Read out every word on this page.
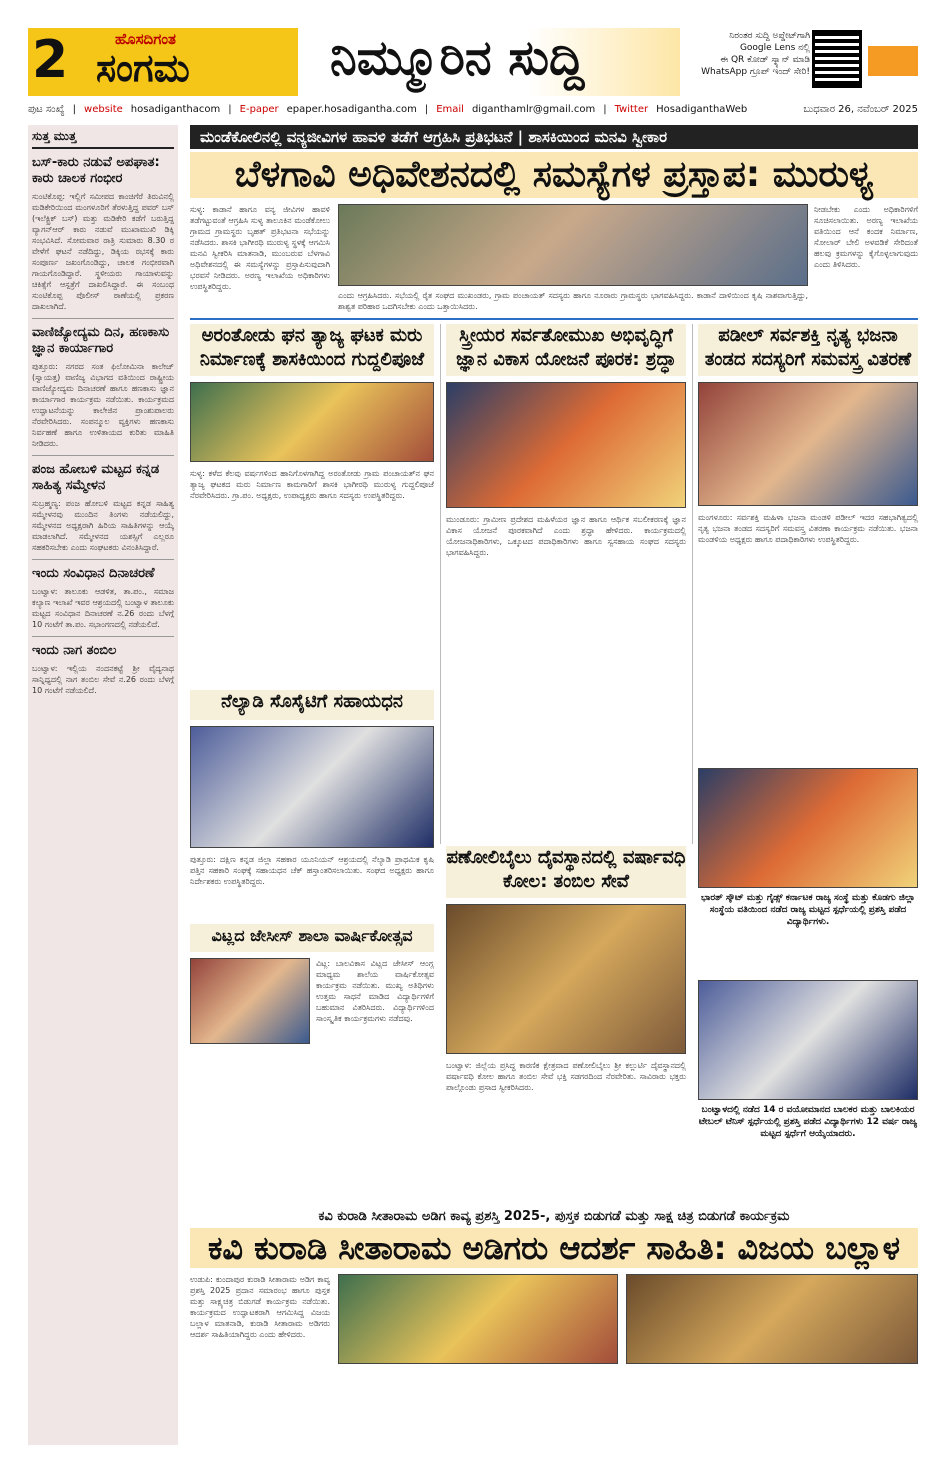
2	ಹೊಸದಿಗಂತ
ಸಂಗಮ	ನಿಮ್ಮೂರಿನ ಸುದ್ದಿ	ನಿರಂತರ ಸುದ್ದಿ ಅಪ್ಡೇಟ್‌ಗಾಗಿ
Google Lens ನಲ್ಲಿ
ಈ QR ಕೋಡ್ ಸ್ಕ್ಯಾನ್ ಮಾಡಿ
WhatsApp ಗ್ರೂಪ್ ಇಂದ್ ಸೇರಿ!
ಪುಟ ಸಂಖ್ಯೆ | website hosadiganthacom | E-paper epaper.hosadigantha.com | Email diganthamlr@gmail.com | Twitter HosadiganthaWeb	ಬುಧವಾರ 26, ನವೆಂಬರ್ 2025
ಸುತ್ತ ಮುತ್ತ
ಬಸ್-ಕಾರು ನಡುವೆ ಅಪಘಾತ: ಕಾರು ಚಾಲಕ ಗಂಭೀರ
ಸುಂಟಿಕೊಪ್ಪ: ಇಲ್ಲಿಗೆ ಸಮೀಪದ ಕಾಂಚಿಗೆರೆ ತಿರುವಿನಲ್ಲಿ ಮಡಿಕೇರಿಯಿಂದ ಮಂಗಳೂರಿಗೆ ತೆರಳುತ್ತಿದ್ದ ಪವರ್ ಬಸ್ (ಇಲೆಕ್ಟ್ರಿಕ್ ಬಸ್) ಮತ್ತು ಮಡಿಕೇರಿ ಕಡೆಗೆ ಬರುತ್ತಿದ್ದ ವ್ಯಾಗನ್ಆರ್ ಕಾರು ನಡುವೆ ಮುಖಾಮುಖಿ ಡಿಕ್ಕಿ ಸಂಭವಿಸಿದೆ. ಸೋಮವಾರ ರಾತ್ರಿ ಸುಮಾರು 8.30 ರ ವೇಳೆಗೆ ಘಟನೆ ನಡೆದಿದ್ದು, ಡಿಕ್ಕಿಯ ರಭಸಕ್ಕೆ ಕಾರು ಸಂಪೂರ್ಣ ಜಖಂಗೊಂಡಿದ್ದು, ಚಾಲಕ ಗಂಭೀರವಾಗಿ ಗಾಯಗೊಂಡಿದ್ದಾರೆ. ಸ್ಥಳೀಯರು ಗಾಯಾಳುವನ್ನು ಚಿಕಿತ್ಸೆಗೆ ಆಸ್ಪತ್ರೆಗೆ ದಾಖಲಿಸಿದ್ದಾರೆ. ಈ ಸಂಬಂಧ ಸುಂಟಿಕೊಪ್ಪ ಪೊಲೀಸ್ ಠಾಣೆಯಲ್ಲಿ ಪ್ರಕರಣ ದಾಖಲಾಗಿದೆ.
ವಾಣಿಜ್ಯೋದ್ಯಮ ದಿನ, ಹಣಕಾಸು ಜ್ಞಾನ ಕಾರ್ಯಾಗಾರ
ಪುತ್ತೂರು: ನಗರದ ಸಂತ ಫಿಲೋಮಿನಾ ಕಾಲೇಜ್ (ಸ್ವಾಯತ್ತ) ವಾಣಿಜ್ಯ ವಿಭಾಗದ ವತಿಯಿಂದ ರಾಷ್ಟ್ರೀಯ ವಾಣಿಜ್ಯೋದ್ಯಮ ದಿನಾಚರಣೆ ಹಾಗೂ ಹಣಕಾಸು ಜ್ಞಾನ ಕಾರ್ಯಾಗಾರ ಕಾರ್ಯಕ್ರಮ ನಡೆಯಿತು. ಕಾರ್ಯಕ್ರಮದ ಉದ್ಘಾಟನೆಯನ್ನು ಕಾಲೇಜಿನ ಪ್ರಾಂಶುಪಾಲರು ನೆರವೇರಿಸಿದರು. ಸಂಪನ್ಮೂಲ ವ್ಯಕ್ತಿಗಳು ಹಣಕಾಸು ನಿರ್ವಹಣೆ ಹಾಗೂ ಉಳಿತಾಯದ ಕುರಿತು ಮಾಹಿತಿ ನೀಡಿದರು.
ಪಂಜ ಹೋಬಳಿ ಮಟ್ಟದ ಕನ್ನಡ ಸಾಹಿತ್ಯ ಸಮ್ಮೇಳನ
ಸುಬ್ರಹ್ಮಣ್ಯ: ಪಂಜ ಹೋಬಳಿ ಮಟ್ಟದ ಕನ್ನಡ ಸಾಹಿತ್ಯ ಸಮ್ಮೇಳನವು ಮುಂದಿನ ತಿಂಗಳು ನಡೆಯಲಿದ್ದು, ಸಮ್ಮೇಳನದ ಅಧ್ಯಕ್ಷರಾಗಿ ಹಿರಿಯ ಸಾಹಿತಿಗಳನ್ನು ಆಯ್ಕೆ ಮಾಡಲಾಗಿದೆ. ಸಮ್ಮೇಳನದ ಯಶಸ್ಸಿಗೆ ಎಲ್ಲರೂ ಸಹಕರಿಸಬೇಕು ಎಂದು ಸಂಘಟಕರು ವಿನಂತಿಸಿದ್ದಾರೆ.
ಇಂದು ಸಂವಿಧಾನ ದಿನಾಚರಣೆ
ಬಂಟ್ವಾಳ: ತಾಲೂಕು ಆಡಳಿತ, ತಾ.ಪಂ., ಸಮಾಜ ಕಲ್ಯಾಣ ಇಲಾಖೆ ಇವರ ಆಶ್ರಯದಲ್ಲಿ ಬಂಟ್ವಾಳ ತಾಲೂಕು ಮಟ್ಟದ ಸಂವಿಧಾನ ದಿನಾಚರಣೆ ನ.26 ರಂದು ಬೆಳಗ್ಗೆ 10 ಗಂಟೆಗೆ ತಾ.ಪಂ. ಸಭಾಂಗಣದಲ್ಲಿ ನಡೆಯಲಿದೆ.
ಇಂದು ನಾಗ ತಂಬಿಲ
ಬಂಟ್ವಾಳ: ಇಲ್ಲಿಯ ನಂದನಕಟ್ಟೆ ಶ್ರೀ ವೈದ್ಯನಾಥ ಸಾನ್ನಿಧ್ಯದಲ್ಲಿ ನಾಗ ತಂಬಿಲ ಸೇವೆ ನ.26 ರಂದು ಬೆಳಗ್ಗೆ 10 ಗಂಟೆಗೆ ನಡೆಯಲಿದೆ.
ಮಂಡೆಕೋಲಿನಲ್ಲಿ ವನ್ಯಜೀವಿಗಳ ಹಾವಳಿ ತಡೆಗೆ ಆಗ್ರಹಿಸಿ ಪ್ರತಿಭಟನೆ | ಶಾಸಕಿಯಿಂದ ಮನವಿ ಸ್ವೀಕಾರ
ಬೆಳಗಾವಿ ಅಧಿವೇಶನದಲ್ಲಿ ಸಮಸ್ಯೆಗಳ ಪ್ರಸ್ತಾಪ: ಮುರುಳ್ಯ
ಸುಳ್ಯ: ಕಾಡಾನೆ ಹಾಗೂ ವನ್ಯ ಜೀವಿಗಳ ಹಾವಳಿ ತಡೆಗಟ್ಟುವಂತೆ ಆಗ್ರಹಿಸಿ ಸುಳ್ಯ ತಾಲೂಕಿನ ಮಂಡೆಕೋಲು ಗ್ರಾಮದ ಗ್ರಾಮಸ್ಥರು ಬೃಹತ್ ಪ್ರತಿಭಟನಾ ಸಭೆಯನ್ನು ನಡೆಸಿದರು. ಶಾಸಕಿ ಭಾಗೀರಥಿ ಮುರುಳ್ಯ ಸ್ಥಳಕ್ಕೆ ಆಗಮಿಸಿ ಮನವಿ ಸ್ವೀಕರಿಸಿ ಮಾತನಾಡಿ, ಮುಂಬರುವ ಬೆಳಗಾವಿ ಅಧಿವೇಶನದಲ್ಲಿ ಈ ಸಮಸ್ಯೆಗಳನ್ನು ಪ್ರಸ್ತಾಪಿಸುವುದಾಗಿ ಭರವಸೆ ನೀಡಿದರು. ಅರಣ್ಯ ಇಲಾಖೆಯ ಅಧಿಕಾರಿಗಳು ಉಪಸ್ಥಿತರಿದ್ದರು.
ಎಂದು ಆಗ್ರಹಿಸಿದರು. ಸಭೆಯಲ್ಲಿ ರೈತ ಸಂಘದ ಮುಖಂಡರು, ಗ್ರಾಮ ಪಂಚಾಯತ್ ಸದಸ್ಯರು ಹಾಗೂ ನೂರಾರು ಗ್ರಾಮಸ್ಥರು ಭಾಗವಹಿಸಿದ್ದರು. ಕಾಡಾನೆ ದಾಳಿಯಿಂದ ಕೃಷಿ ನಾಶವಾಗುತ್ತಿದ್ದು, ಶಾಶ್ವತ ಪರಿಹಾರ ಒದಗಿಸಬೇಕು ಎಂದು ಒತ್ತಾಯಿಸಿದರು.
ನೀಡಬೇಕು ಎಂದು ಅಧಿಕಾರಿಗಳಿಗೆ ಸೂಚಿಸಲಾಯಿತು. ಅರಣ್ಯ ಇಲಾಖೆಯ ವತಿಯಿಂದ ಆನೆ ಕಂದಕ ನಿರ್ಮಾಣ, ಸೋಲಾರ್ ಬೇಲಿ ಅಳವಡಿಕೆ ಸೇರಿದಂತೆ ಹಲವು ಕ್ರಮಗಳನ್ನು ಕೈಗೊಳ್ಳಲಾಗುವುದು ಎಂದು ತಿಳಿಸಿದರು.
ಅರಂತೋಡು ಘನ ತ್ಯಾಜ್ಯ ಘಟಕ ಮರು ನಿರ್ಮಾಣಕ್ಕೆ ಶಾಸಕಿಯಿಂದ ಗುದ್ದಲಿಪೂಜೆ
ಸುಳ್ಯ: ಕಳೆದ ಕೆಲವು ವರ್ಷಗಳಿಂದ ಹಾನಿಗೊಳಗಾಗಿದ್ದ ಅರಂತೋಡು ಗ್ರಾಮ ಪಂಚಾಯತ್‌ನ ಘನ ತ್ಯಾಜ್ಯ ಘಟಕದ ಮರು ನಿರ್ಮಾಣ ಕಾಮಗಾರಿಗೆ ಶಾಸಕಿ ಭಾಗೀರಥಿ ಮುರುಳ್ಯ ಗುದ್ದಲಿಪೂಜೆ ನೆರವೇರಿಸಿದರು. ಗ್ರಾ.ಪಂ. ಅಧ್ಯಕ್ಷರು, ಉಪಾಧ್ಯಕ್ಷರು ಹಾಗೂ ಸದಸ್ಯರು ಉಪಸ್ಥಿತರಿದ್ದರು.
ಸ್ತ್ರೀಯರ ಸರ್ವತೋಮುಖ ಅಭಿವೃದ್ಧಿಗೆ ಜ್ಞಾನ ವಿಕಾಸ ಯೋಜನೆ ಪೂರಕ: ಶ್ರದ್ಧಾ
ಮುಂಡೂರು: ಗ್ರಾಮೀಣ ಪ್ರದೇಶದ ಮಹಿಳೆಯರ ಜ್ಞಾನ ಹಾಗೂ ಆರ್ಥಿಕ ಸಬಲೀಕರಣಕ್ಕೆ ಜ್ಞಾನ ವಿಕಾಸ ಯೋಜನೆ ಪೂರಕವಾಗಿದೆ ಎಂದು ಶ್ರದ್ಧಾ ಹೇಳಿದರು. ಕಾರ್ಯಕ್ರಮದಲ್ಲಿ ಯೋಜನಾಧಿಕಾರಿಗಳು, ಒಕ್ಕೂಟದ ಪದಾಧಿಕಾರಿಗಳು ಹಾಗೂ ಸ್ವಸಹಾಯ ಸಂಘದ ಸದಸ್ಯರು ಭಾಗವಹಿಸಿದ್ದರು.
ಪಡೀಲ್ ಸರ್ವಶಕ್ತಿ ನೃತ್ಯ ಭಜನಾ ತಂಡದ ಸದಸ್ಯರಿಗೆ ಸಮವಸ್ತ್ರ ವಿತರಣೆ
ಮಂಗಳೂರು: ಸರ್ವಶಕ್ತಿ ಮಹಿಳಾ ಭಜನಾ ಮಂಡಳಿ ಪಡೀಲ್ ಇದರ ಸಹಭಾಗಿತ್ವದಲ್ಲಿ ನೃತ್ಯ ಭಜನಾ ತಂಡದ ಸದಸ್ಯರಿಗೆ ಸಮವಸ್ತ್ರ ವಿತರಣಾ ಕಾರ್ಯಕ್ರಮ ನಡೆಯಿತು. ಭಜನಾ ಮಂಡಳಿಯ ಅಧ್ಯಕ್ಷರು ಹಾಗೂ ಪದಾಧಿಕಾರಿಗಳು ಉಪಸ್ಥಿತರಿದ್ದರು.
ನೆಲ್ಯಾಡಿ ಸೊಸೈಟಿಗೆ ಸಹಾಯಧನ
ಪುತ್ತೂರು: ದಕ್ಷಿಣ ಕನ್ನಡ ಜಿಲ್ಲಾ ಸಹಕಾರ ಯೂನಿಯನ್ ಆಶ್ರಯದಲ್ಲಿ ನೆಲ್ಯಾಡಿ ಪ್ರಾಥಮಿಕ ಕೃಷಿ ಪತ್ತಿನ ಸಹಕಾರಿ ಸಂಘಕ್ಕೆ ಸಹಾಯಧನ ಚೆಕ್ ಹಸ್ತಾಂತರಿಸಲಾಯಿತು. ಸಂಘದ ಅಧ್ಯಕ್ಷರು ಹಾಗೂ ನಿರ್ದೇಶಕರು ಉಪಸ್ಥಿತರಿದ್ದರು.
ಪಣೋಲಿಬೈಲು ದೈವಸ್ಥಾನದಲ್ಲಿ ವರ್ಷಾವಧಿ ಕೋಲ: ತಂಬಿಲ ಸೇವೆ
ಬಂಟ್ವಾಳ: ಜಿಲ್ಲೆಯ ಪ್ರಸಿದ್ಧ ಕಾರಣಿಕ ಕ್ಷೇತ್ರವಾದ ಪಣೋಲಿಬೈಲು ಶ್ರೀ ಕಲ್ಲುರ್ಟಿ ದೈವಸ್ಥಾನದಲ್ಲಿ ವರ್ಷಾವಧಿ ಕೋಲ ಹಾಗೂ ತಂಬಿಲ ಸೇವೆ ಭಕ್ತಿ ಸಡಗರದಿಂದ ನೆರವೇರಿತು. ಸಾವಿರಾರು ಭಕ್ತರು ಪಾಲ್ಗೊಂಡು ಪ್ರಸಾದ ಸ್ವೀಕರಿಸಿದರು.
ವಿಟ್ಲದ ಜೇಸೀಸ್ ಶಾಲಾ ವಾರ್ಷಿಕೋತ್ಸವ
ವಿಟ್ಲ: ಬಾಲವಿಕಾಸ ವಿಟ್ಲದ ಜೇಸೀಸ್ ಆಂಗ್ಲ ಮಾಧ್ಯಮ ಶಾಲೆಯ ವಾರ್ಷಿಕೋತ್ಸವ ಕಾರ್ಯಕ್ರಮ ನಡೆಯಿತು. ಮುಖ್ಯ ಅತಿಥಿಗಳು ಉತ್ತಮ ಸಾಧನೆ ಮಾಡಿದ ವಿದ್ಯಾರ್ಥಿಗಳಿಗೆ ಬಹುಮಾನ ವಿತರಿಸಿದರು. ವಿದ್ಯಾರ್ಥಿಗಳಿಂದ ಸಾಂಸ್ಕೃತಿಕ ಕಾರ್ಯಕ್ರಮಗಳು ನಡೆದವು.
ಭಾರತ್ ಸ್ಕೌಟ್ ಮತ್ತು ಗೈಡ್ಸ್ ಕರ್ನಾಟಕ ರಾಜ್ಯ ಸಂಸ್ಥೆ ಮತ್ತು ಕೊಡಗು ಜಿಲ್ಲಾ ಸಂಸ್ಥೆಯ ವತಿಯಿಂದ ನಡೆದ ರಾಜ್ಯ ಮಟ್ಟದ ಸ್ಪರ್ಧೆಯಲ್ಲಿ ಪ್ರಶಸ್ತಿ ಪಡೆದ ವಿದ್ಯಾರ್ಥಿಗಳು.
ಬಂಟ್ವಾಳದಲ್ಲಿ ನಡೆದ 14 ರ ವಯೋಮಾನದ ಬಾಲಕರ ಮತ್ತು ಬಾಲಕಿಯರ ಟೇಬಲ್ ಟೆನಿಸ್ ಸ್ಪರ್ಧೆಯಲ್ಲಿ ಪ್ರಶಸ್ತಿ ಪಡೆದ ವಿದ್ಯಾರ್ಥಿಗಳು 12 ವರ್ಷ ರಾಜ್ಯ ಮಟ್ಟದ ಸ್ಪರ್ಧೆಗೆ ಆಯ್ಕೆಯಾದರು.
ಕವಿ ಕುರಾಡಿ ಸೀತಾರಾಮ ಅಡಿಗ ಕಾವ್ಯ ಪ್ರಶಸ್ತಿ 2025-, ಪುಸ್ತಕ ಬಿಡುಗಡೆ ಮತ್ತು ಸಾಕ್ಷ ಚಿತ್ರ ಬಿಡುಗಡೆ ಕಾರ್ಯಕ್ರಮ
ಕವಿ ಕುರಾಡಿ ಸೀತಾರಾಮ ಅಡಿಗರು ಆದರ್ಶ ಸಾಹಿತಿ: ವಿಜಯ ಬಲ್ಲಾಳ
ಉಡುಪಿ: ಕುಂದಾಪುರ ಕುರಾಡಿ ಸೀತಾರಾಮ ಅಡಿಗ ಕಾವ್ಯ ಪ್ರಶಸ್ತಿ 2025 ಪ್ರದಾನ ಸಮಾರಂಭ ಹಾಗೂ ಪುಸ್ತಕ ಮತ್ತು ಸಾಕ್ಷ್ಯಚಿತ್ರ ಬಿಡುಗಡೆ ಕಾರ್ಯಕ್ರಮ ನಡೆಯಿತು. ಕಾರ್ಯಕ್ರಮದ ಉದ್ಘಾಟಕರಾಗಿ ಆಗಮಿಸಿದ್ದ ವಿಜಯ ಬಲ್ಲಾಳ ಮಾತನಾಡಿ, ಕುರಾಡಿ ಸೀತಾರಾಮ ಅಡಿಗರು ಆದರ್ಶ ಸಾಹಿತಿಯಾಗಿದ್ದರು ಎಂದು ಹೇಳಿದರು.
